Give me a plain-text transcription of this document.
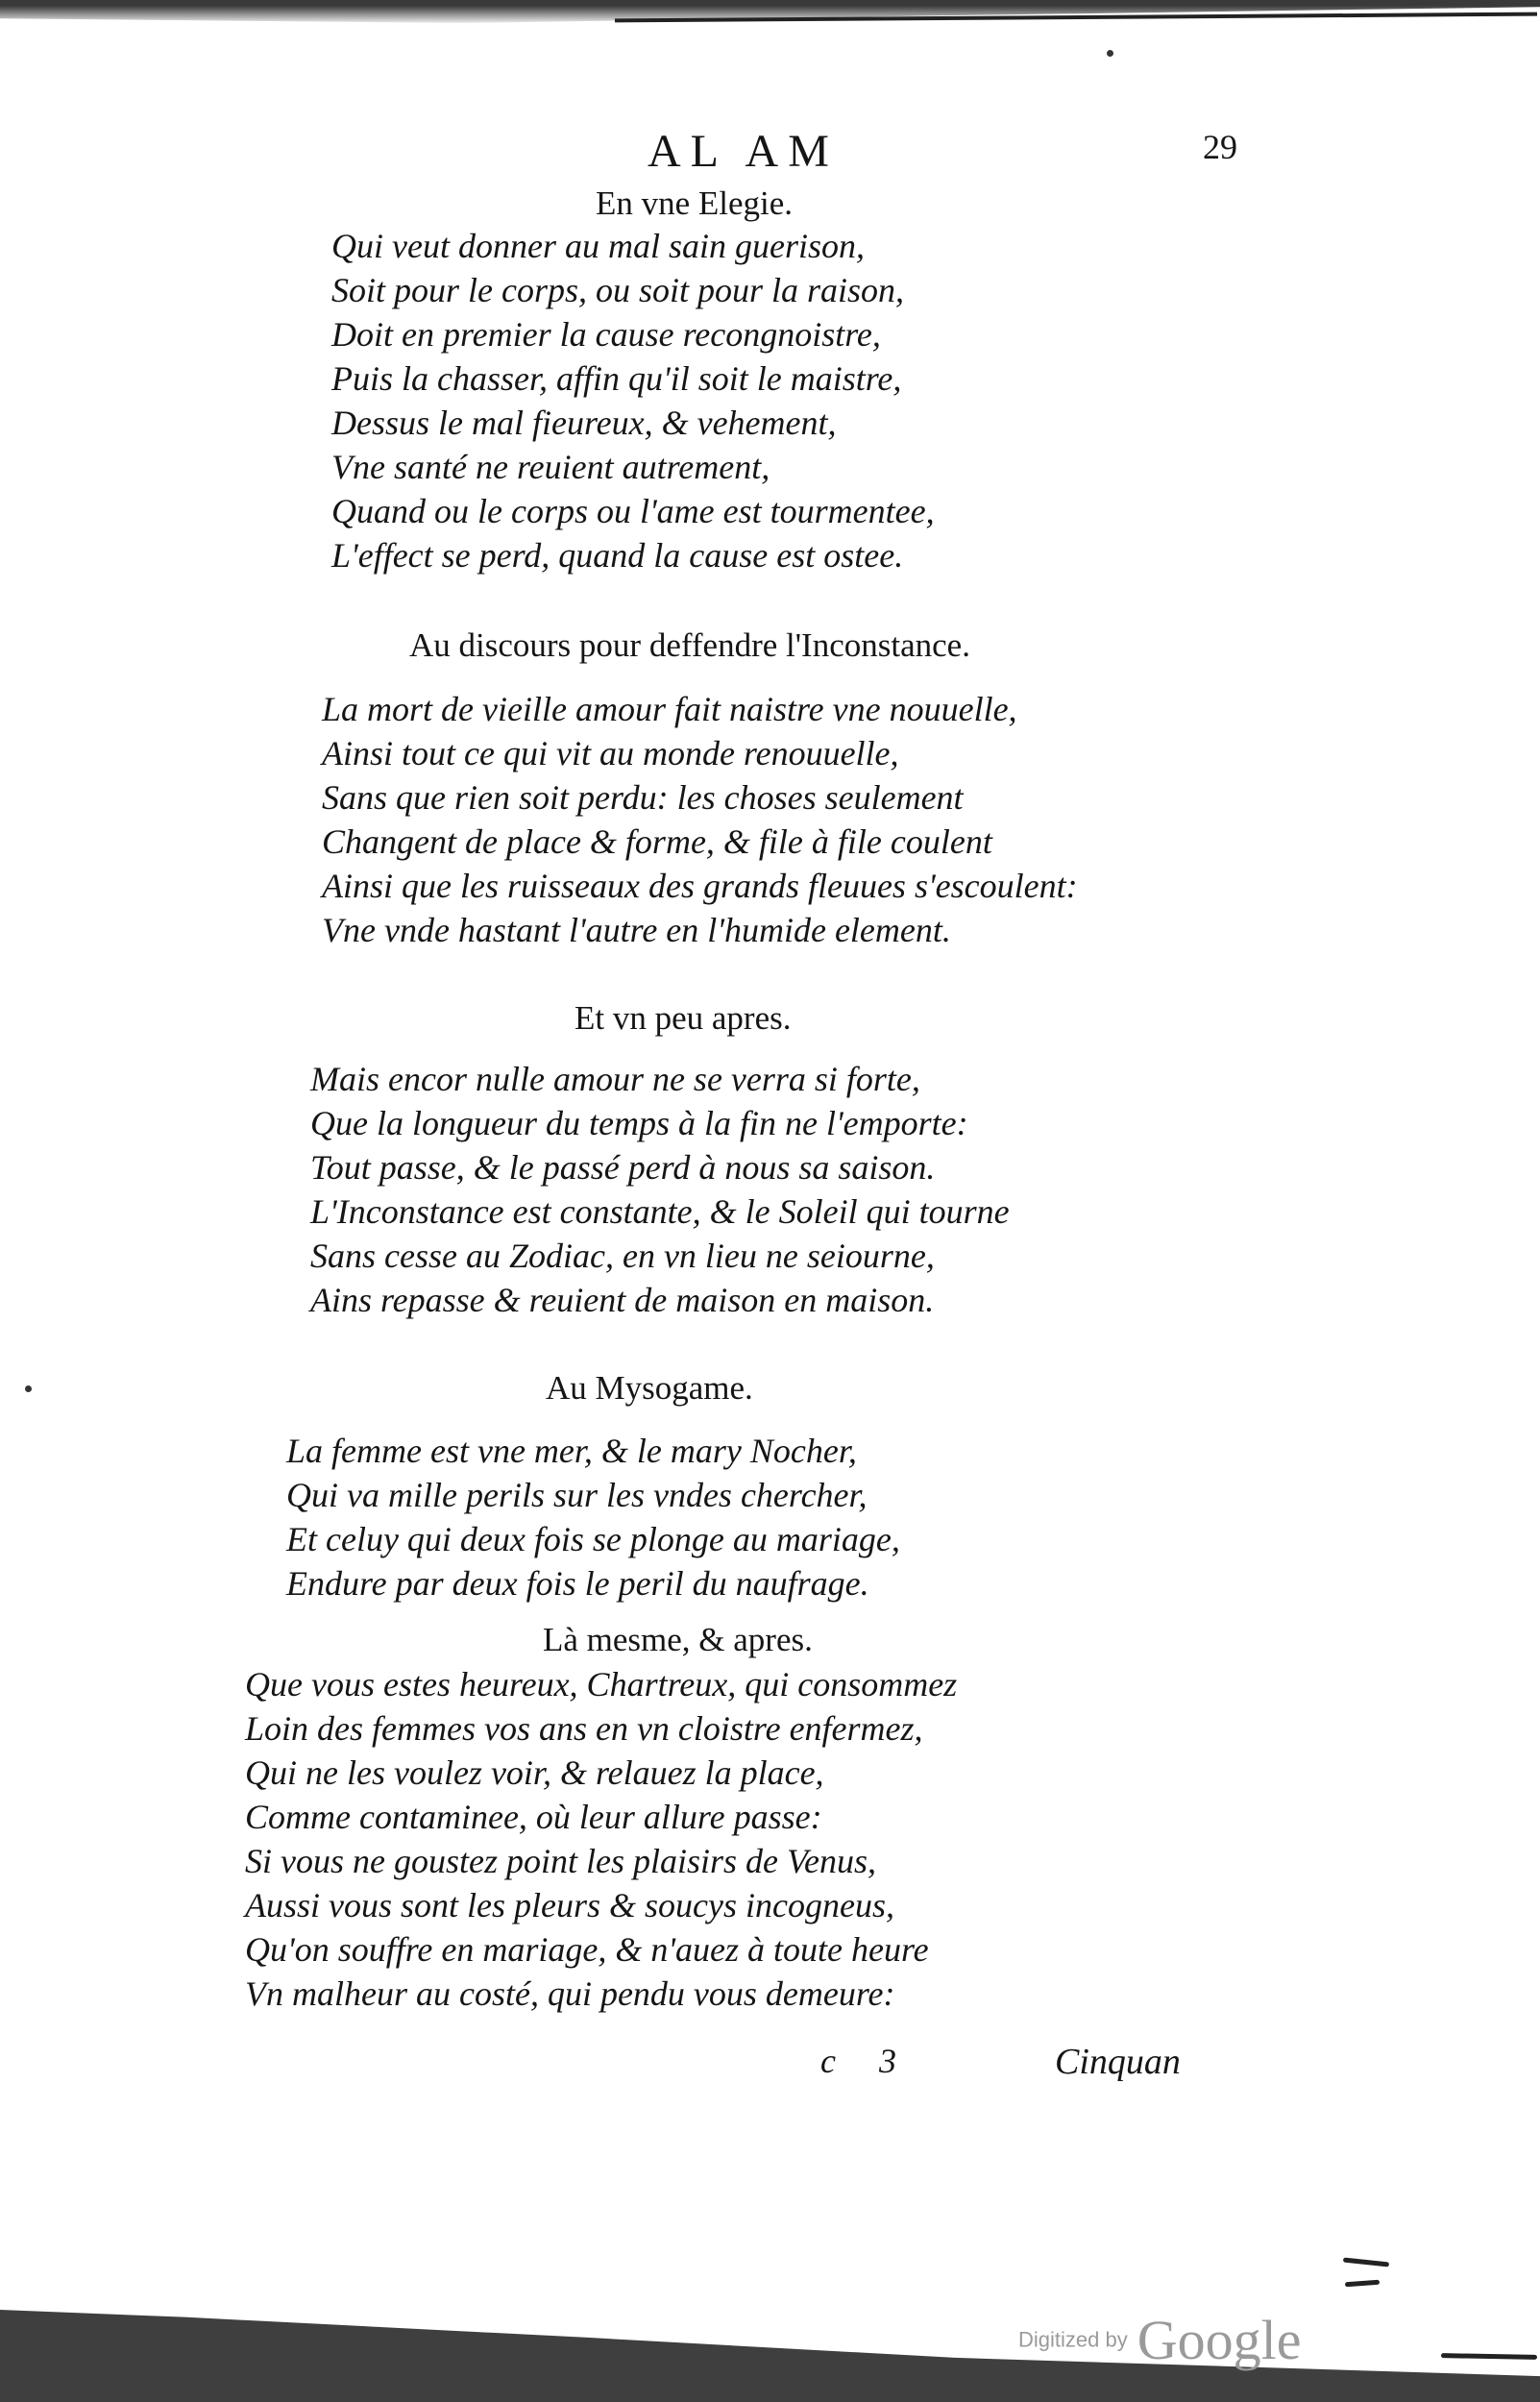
AL AM	29
En vne Elegie.
Qui veut donner au mal sain guerison,
Soit pour le corps, ou soit pour la raison,
Doit en premier la cause recongnoistre,
Puis la chasser, affin qu'il soit le maistre,
Dessus le mal fieureux, & vehement,
Vne santé ne reuient autrement,
Quand ou le corps ou l'ame est tourmentee,
L'effect se perd, quand la cause est ostee.
Au discours pour deffendre l'Inconstance.
La mort de vieille amour fait naistre vne nouuelle,
Ainsi tout ce qui vit au monde renouuelle,
Sans que rien soit perdu: les choses seulement
Changent de place & forme, & file à file coulent
Ainsi que les ruisseaux des grands fleuues s'escoulent:
Vne vnde hastant l'autre en l'humide element.
Et vn peu apres.
Mais encor nulle amour ne se verra si forte,
Que la longueur du temps à la fin ne l'emporte:
Tout passe, & le passé perd à nous sa saison.
L'Inconstance est constante, & le Soleil qui tourne
Sans cesse au Zodiac, en vn lieu ne seiourne,
Ains repasse & reuient de maison en maison.
Au Mysogame.
La femme est vne mer, & le mary Nocher,
Qui va mille perils sur les vndes chercher,
Et celuy qui deux fois se plonge au mariage,
Endure par deux fois le peril du naufrage.
Là mesme, & apres.
Que vous estes heureux, Chartreux, qui consommez
Loin des femmes vos ans en vn cloistre enfermez,
Qui ne les voulez voir, & relauez la place,
Comme contaminee, où leur allure passe:
Si vous ne goustez point les plaisirs de Venus,
Aussi vous sont les pleurs & soucys incogneus,
Qu'on souffre en mariage, & n'auez à toute heure
Vn malheur au costé, qui pendu vous demeure:
c 3	Cinquan
Digitized by Google
